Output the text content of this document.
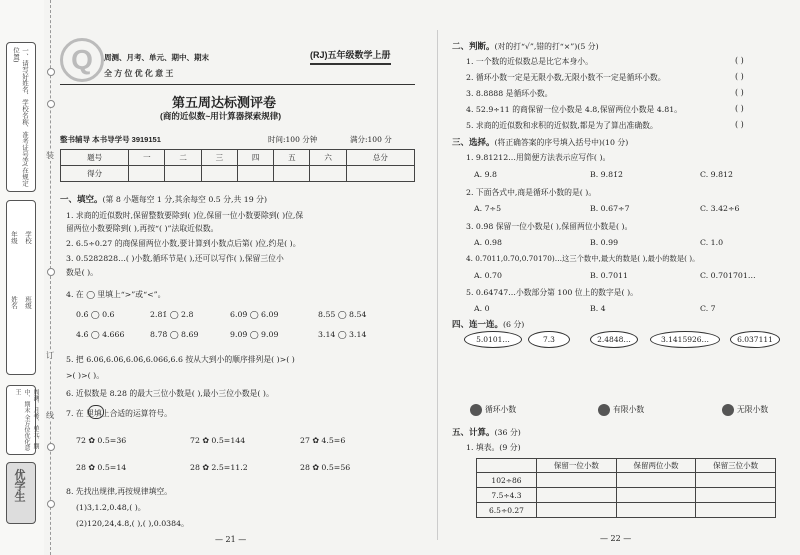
一、请写好姓名、学校名称、准考证号等(在规定位置)
年级
姓名
学校
班级
周测、月考、单元、期中、期末 全方位优化意王
优学生
装
订
线
Q	周测、月考、单元、期中、期末
全 方 位 优 化 意 王
(RJ)五年级数学上册
第五周达标测评卷
(商的近似数~用计算器探索规律)
整书辅导 本书导学号 3919151	时间:100 分钟	满分:100 分
题号	一	二	三	四	五	六	总分
得分							
一、填空。(第 8 小题每空 1 分,其余每空 0.5 分,共 19 分)
1. 求商的近似数时,保留整数要除到( )位,保留一位小数要除到( )位,保
留两位小数要除到( ),再按“( )”法取近似数。
2. 6.5÷0.27 的商保留两位小数,要计算到小数点后第( )位,约是( )。
3. 0.5282828…( )小数,循环节是( ),还可以写作( ),保留三位小
数是( )。
4. 在 ◯ 里填上“>”或“<”。
0.6̇ ◯ 0.6	2.81̇ ◯ 2.8	6.09̇ ◯ 6.09	8.55 ◯ 8.54
4.6̇ ◯ 4.666	8.78̇ ◯ 8.69	9.09̇ ◯ 9.09	3.14 ◯ 3.14
5. 把 6.06,6.0̇6,6.0̇6̇,6.066,6.6 按从大到小的顺序排列是( )>( )
>( )>( )。
6. 近似数是 8.28 的最大三位小数是( ),最小三位小数是( )。
7. 在 里填上合适的运算符号。
72 ✿ 0.5=36	72 ✿ 0.5=144	27 ✿ 4.5=6
28 ✿ 0.5=14	28 ✿ 2.5=11.2	28 ✿ 0.5=56
8. 先找出规律,再按规律填空。
(1)3,1.2,0.48,( )。
(2)120,24,4.8,( ),( ),0.0384。
— 21 —
二、判断。(对的打“√”,错的打“×”)(5 分)
1. 一个数的近似数总是比它本身小。
2. 循环小数一定是无限小数,无限小数不一定是循环小数。
3. 8.8888 是循环小数。
4. 52.9÷11 的商保留一位小数是 4.8,保留两位小数是 4.81。
5. 求商的近似数和求积的近似数,都是为了算出准确数。
( )
( )
( )
( )
( )
三、选择。(将正确答案的序号填入括号中)(10 分)
1. 9.81212…用简便方法表示应写作( )。
A. 9.8	B. 9.81̇2̇	C. 9.8̇12̇
2. 下面各式中,商是循环小数的是( )。
A. 7÷5	B. 0.67÷7	C. 3.42÷6
3. 0.9̇8 保留一位小数是( ),保留两位小数是( )。
A. 0.98	B. 0.99	C. 1.0
4. 0.7011,0.70,0.70170)…这三个数中,最大的数是( ),最小的数是( )。
A. 0.70	B. 0.7011	C. 0.701701…
5. 0.64747…小数部分第 100 位上的数字是( )。
A. 0	B. 4	C. 7
四、连一连。(6 分)
5.0101…	7.3	2.4848…	3.1415926…	6.037111
循环小数	有限小数	无限小数
五、计算。(36 分)
1. 填表。(9 分)
	保留一位小数	保留两位小数	保留三位小数
102÷86			
7.5÷4.3			
6.5÷0.27			
— 22 —
